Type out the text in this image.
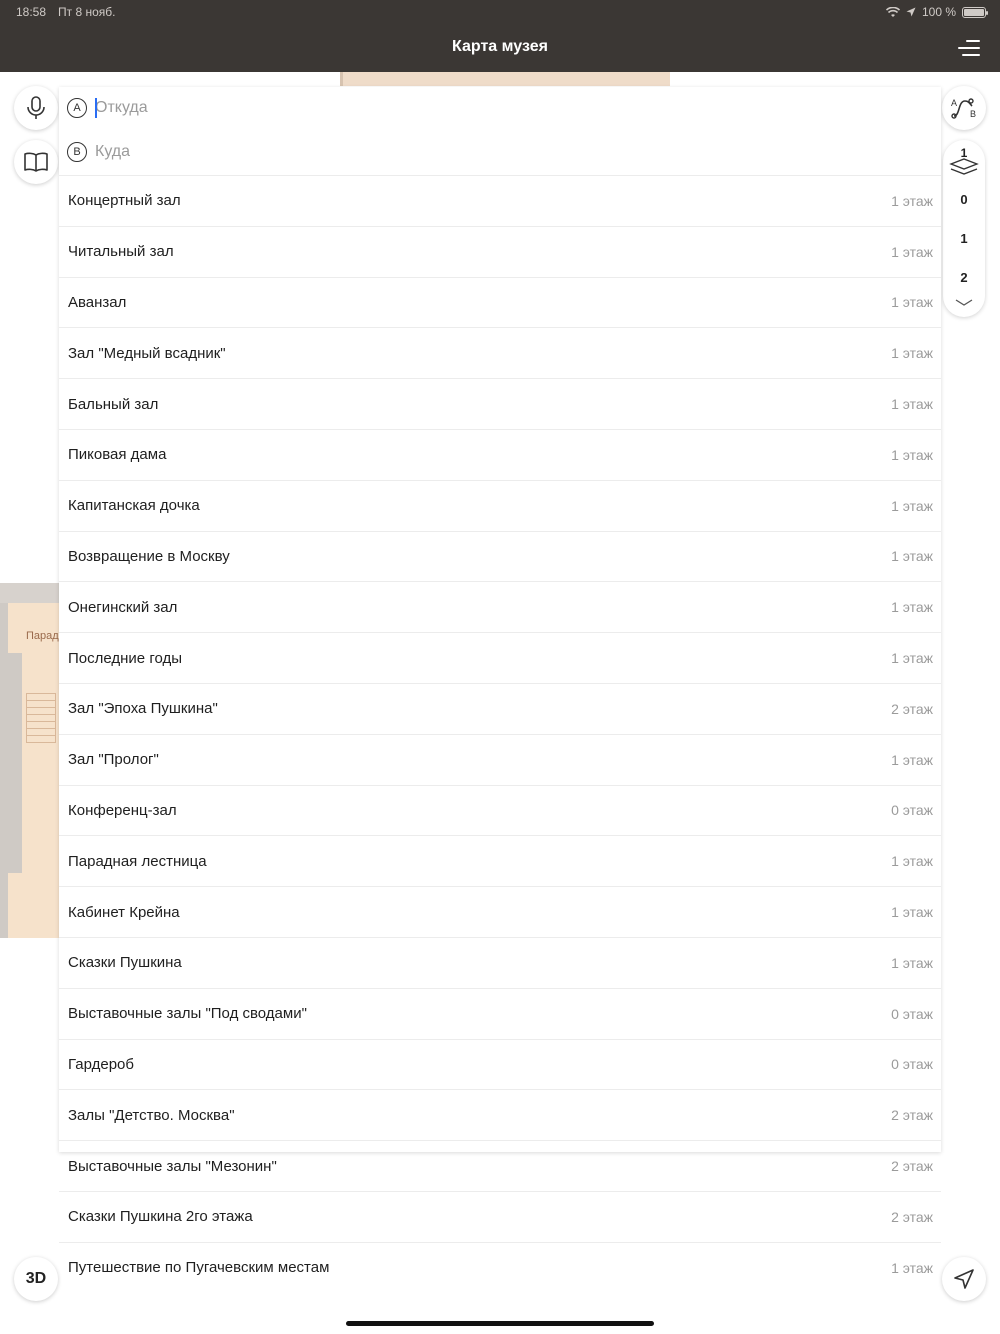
18:58 Пт 8 нояб.	100 %
Карта музея
Парад
3D
A
B
1
0
1
2
A
Откуда
B
Куда
Концертный зал	1 этаж
Читальный зал	1 этаж
Аванзал	1 этаж
Зал "Медный всадник"	1 этаж
Бальный зал	1 этаж
Пиковая дама	1 этаж
Капитанская дочка	1 этаж
Возвращение в Москву	1 этаж
Онегинский зал	1 этаж
Последние годы	1 этаж
Зал "Эпоха Пушкина"	2 этаж
Зал "Пролог"	1 этаж
Конференц-зал	0 этаж
Парадная лестница	1 этаж
Кабинет Крейна	1 этаж
Сказки Пушкина	1 этаж
Выставочные залы "Под сводами"	0 этаж
Гардероб	0 этаж
Залы "Детство. Москва"	2 этаж
Выставочные залы "Мезонин"	2 этаж
Сказки Пушкина 2го этажа	2 этаж
Путешествие по Пугачевским местам	1 этаж
